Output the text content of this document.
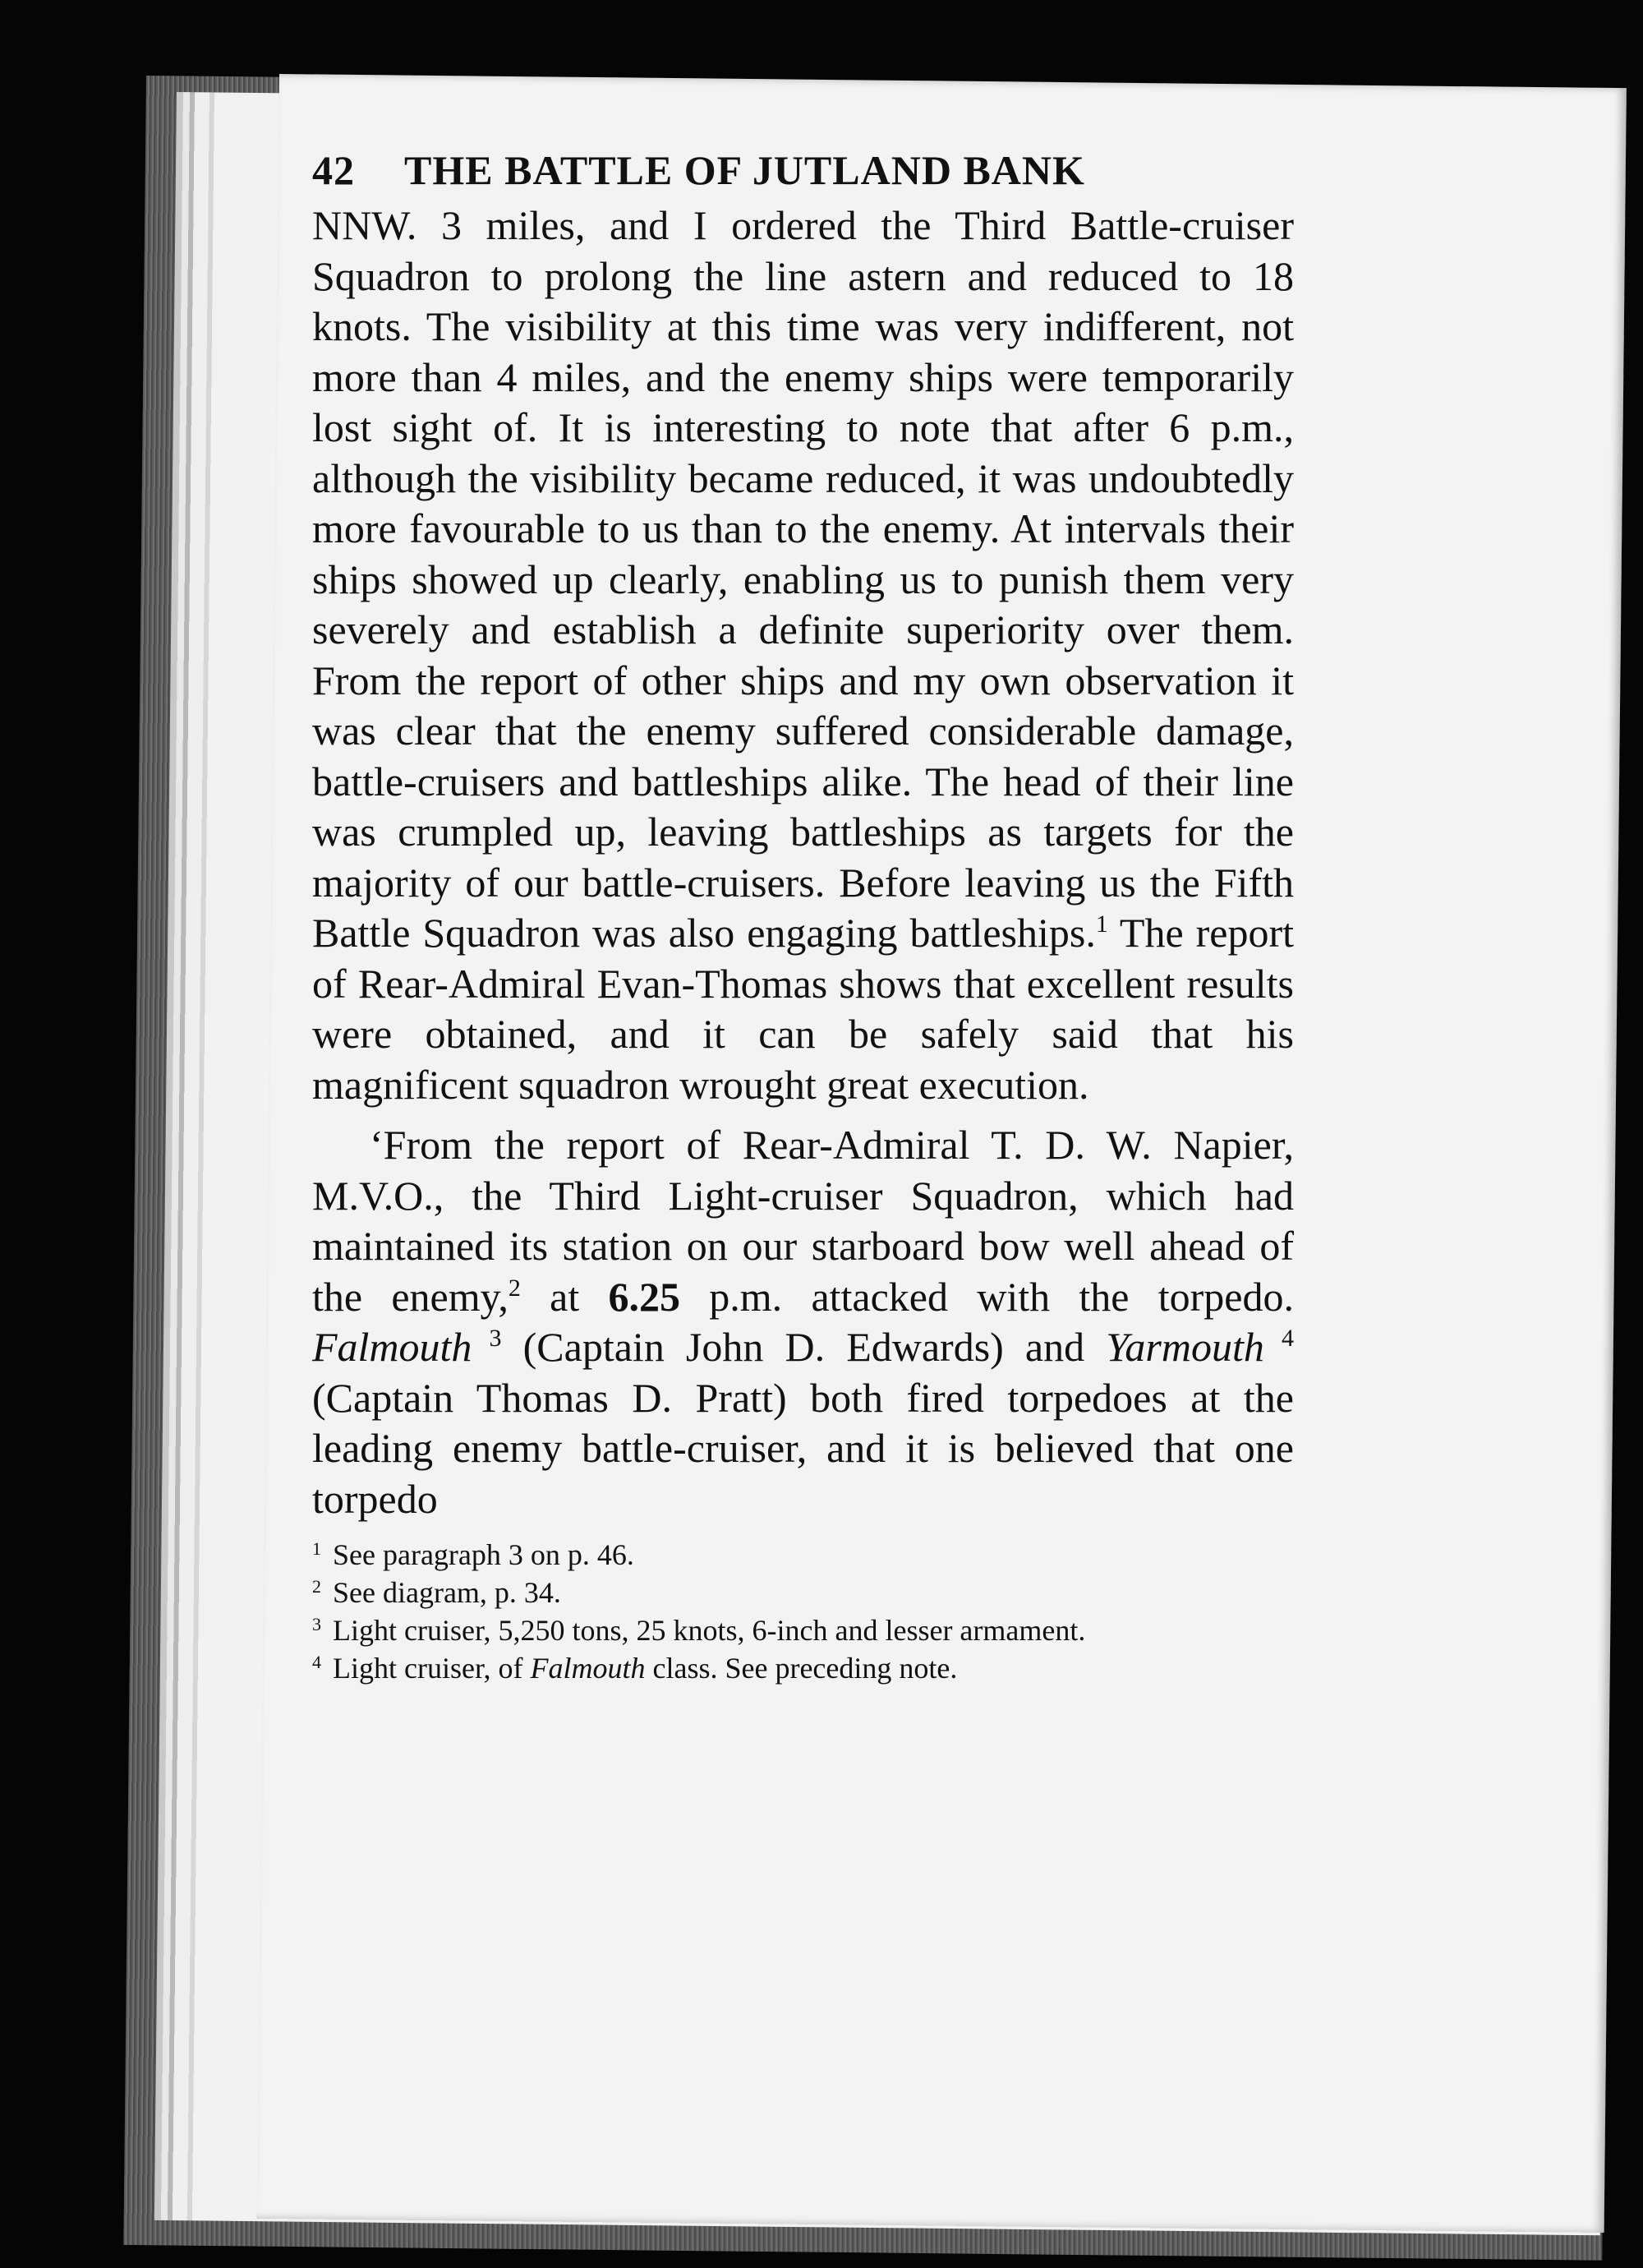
42 THE BATTLE OF JUTLAND BANK

NNW. 3 miles, and I ordered the Third Battle-cruiser Squadron to prolong the line astern and reduced to 18 knots. The visibility at this time was very indifferent, not more than 4 miles, and the enemy ships were temporarily lost sight of. It is interesting to note that after 6 p.m., although the visibility became reduced, it was undoubtedly more favourable to us than to the enemy. At intervals their ships showed up clearly, enabling us to punish them very severely and establish a definite superiority over them. From the report of other ships and my own observation it was clear that the enemy suffered considerable damage, battle-cruisers and battleships alike. The head of their line was crumpled up, leaving battleships as targets for the majority of our battle-cruisers. Before leaving us the Fifth Battle Squadron was also engaging battleships.$^1$ The report of Rear-Admiral Evan-Thomas shows that excellent results were obtained, and it can be safely said that his magnificent squadron wrought great execution.

‘From the report of Rear-Admiral T. D. W. Napier, M.V.O., the Third Light-cruiser Squadron, which had maintained its station on our starboard bow well ahead of the enemy,$^2$ at 6.25 p.m. attacked with the torpedo. Falmouth $^3$ (Captain John D. Edwards) and Yarmouth $^4$ (Captain Thomas D. Pratt) both fired torpedoes at the leading enemy battle-cruiser, and it is believed that one torpedo

$^1$ See paragraph 3 on p. 46.
$^2$ See diagram, p. 34.
$^3$ Light cruiser, 5,250 tons, 25 knots, 6-inch and lesser armament.
$^4$ Light cruiser, of Falmouth class. See preceding note.
